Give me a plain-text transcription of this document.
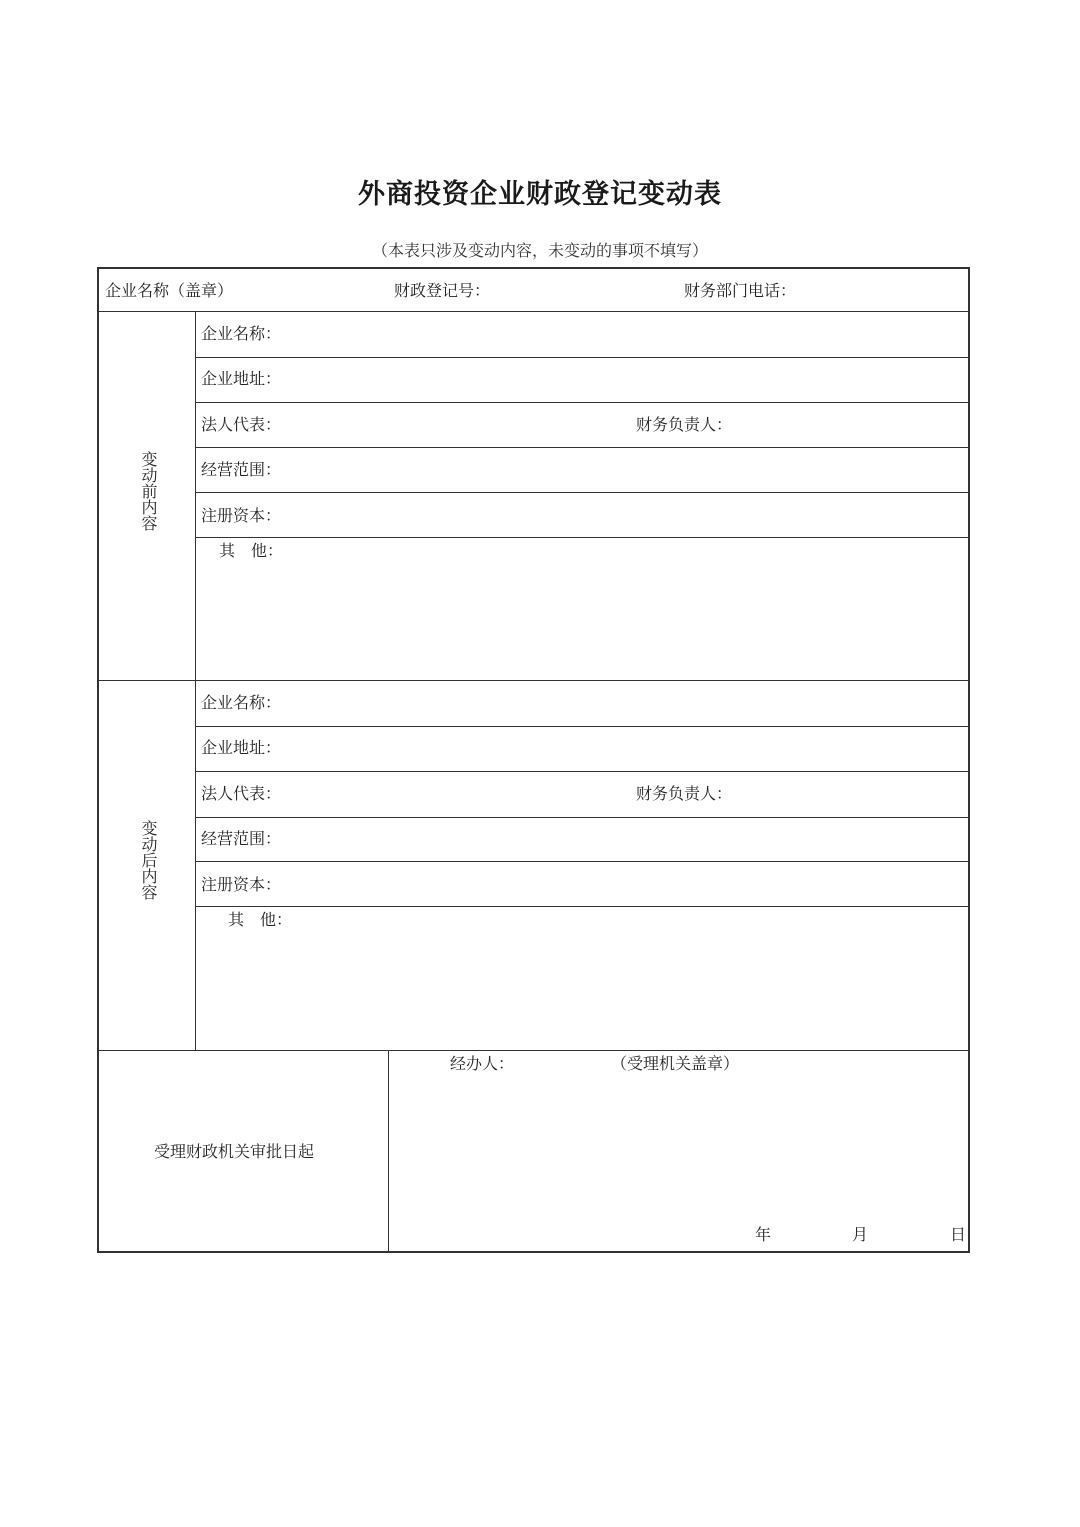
外商投资企业财政登记变动表
（本表只涉及变动内容，未变动的事项不填写）
企业名称（盖章）	财政登记号：	财务部门电话：
变动前内容
企业名称：
企业地址：
法人代表：	财务负责人：
经营范围：
注册资本：
其　他：
变动后内容
企业名称：
企业地址：
法人代表：	财务负责人：
经营范围：
注册资本：
其　他：
受理财政机关审批日起
经办人：	（受理机关盖章）
年	月	日
